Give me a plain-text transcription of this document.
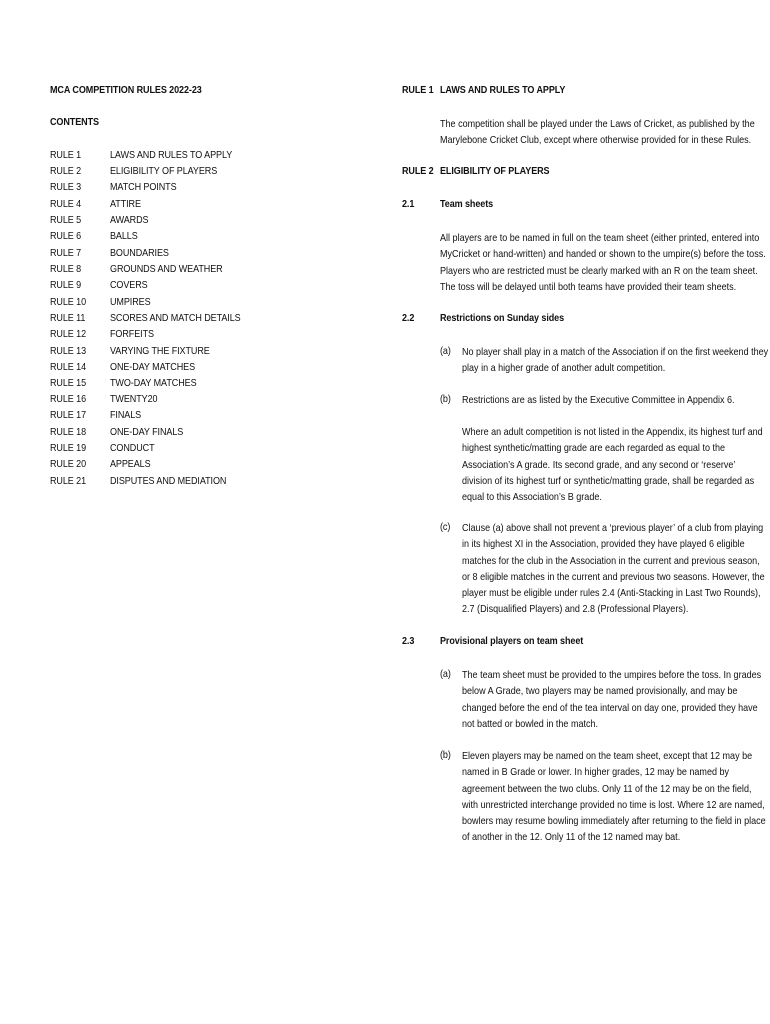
MCA COMPETITION RULES 2022-23
CONTENTS
RULE 1	LAWS AND RULES TO APPLY
RULE 2	ELIGIBILITY OF PLAYERS
RULE 3	MATCH POINTS
RULE 4	ATTIRE
RULE 5	AWARDS
RULE 6	BALLS
RULE 7	BOUNDARIES
RULE 8	GROUNDS AND WEATHER
RULE 9	COVERS
RULE 10 UMPIRES
RULE 11 SCORES AND MATCH DETAILS
RULE 12 FORFEITS
RULE 13 VARYING THE FIXTURE
RULE 14 ONE-DAY MATCHES
RULE 15 TWO-DAY MATCHES
RULE 16 TWENTY20
RULE 17 FINALS
RULE 18 ONE-DAY FINALS
RULE 19 CONDUCT
RULE 20 APPEALS
RULE 21 DISPUTES AND MEDIATION
RULE 1 LAWS AND RULES TO APPLY
The competition shall be played under the Laws of Cricket, as published by the
Marylebone Cricket Club, except where otherwise provided for in these Rules.
RULE 2 ELIGIBILITY OF PLAYERS
2.1 Team sheets
All players are to be named in full on the team sheet (either printed, entered into
MyCricket or hand-written) and handed or shown to the umpire(s) before the toss.
Players who are restricted must be clearly marked with an R on the team sheet.
The toss will be delayed until both teams have provided their team sheets.
2.2 Restrictions on Sunday sides
(a) No player shall play in a match of the Association if on the first weekend they
play in a higher grade of another adult competition.
(b) Restrictions are as listed by the Executive Committee in Appendix 6.
Where an adult competition is not listed in the Appendix, its highest turf and
highest synthetic/matting grade are each regarded as equal to the
Association’s A grade. Its second grade, and any second or ‘reserve’
division of its highest turf or synthetic/matting grade, shall be regarded as
equal to this Association’s B grade.
(c) Clause (a) above shall not prevent a ‘previous player’ of a club from playing
in its highest XI in the Association, provided they have played 6 eligible
matches for the club in the Association in the current and previous season,
or 8 eligible matches in the current and previous two seasons. However, the
player must be eligible under rules 2.4 (Anti-Stacking in Last Two Rounds),
2.7 (Disqualified Players) and 2.8 (Professional Players).
2.3 Provisional players on team sheet
(a) The team sheet must be provided to the umpires before the toss. In grades
below A Grade, two players may be named provisionally, and may be
changed before the end of the tea interval on day one, provided they have
not batted or bowled in the match.
(b) Eleven players may be named on the team sheet, except that 12 may be
named in B Grade or lower. In higher grades, 12 may be named by
agreement between the two clubs. Only 11 of the 12 may be on the field,
with unrestricted interchange provided no time is lost. Where 12 are named,
bowlers may resume bowling immediately after returning to the field in place
of another in the 12. Only 11 of the 12 named may bat.
